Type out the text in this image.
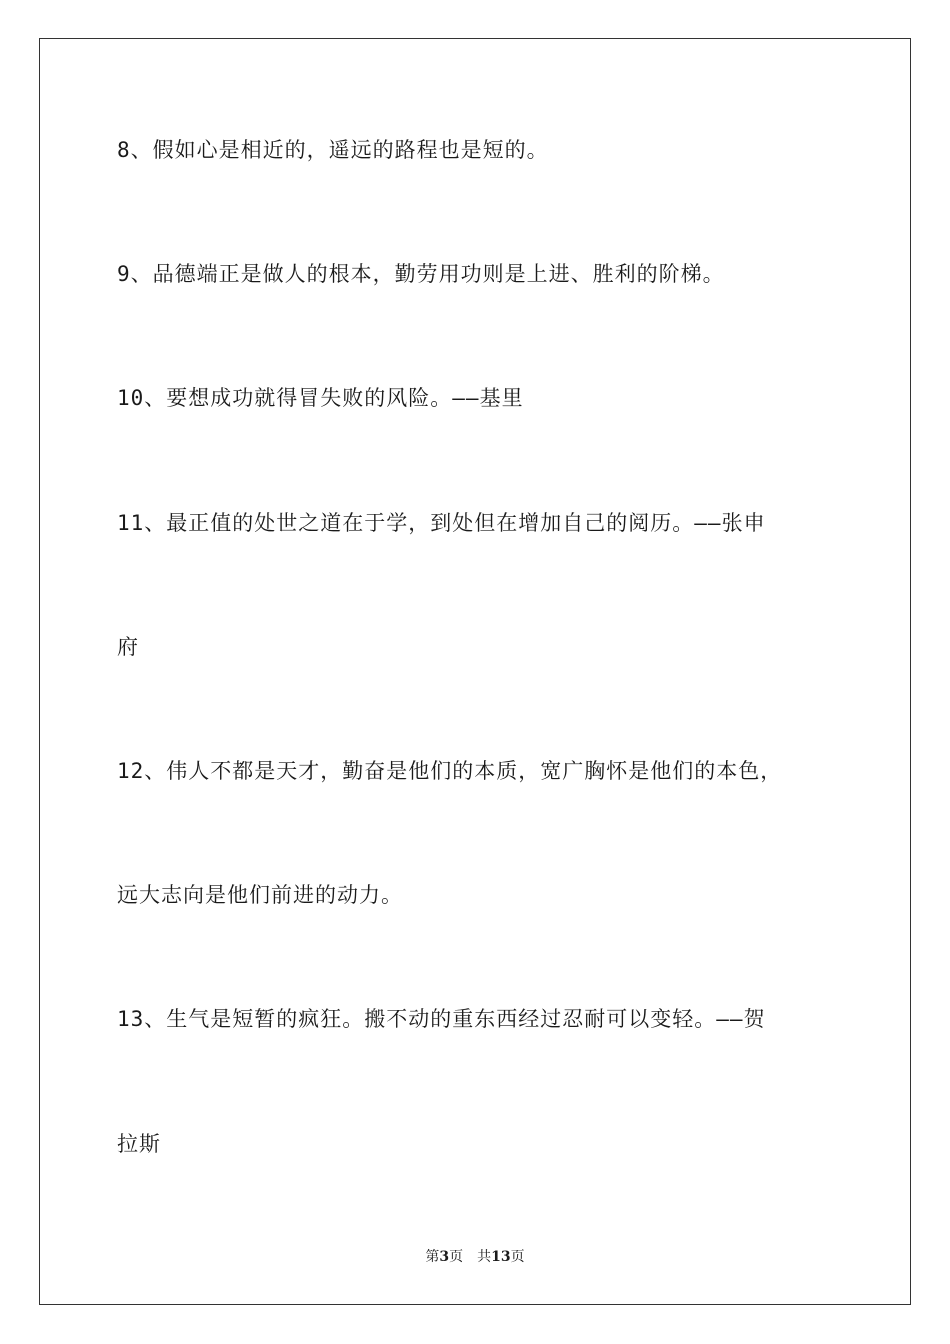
8、假如心是相近的，遥远的路程也是短的。
9、品德端正是做人的根本，勤劳用功则是上进、胜利的阶梯。
10、要想成功就得冒失败的风险。——基里
11、最正值的处世之道在于学，到处但在增加自己的阅历。——张申
府
12、伟人不都是天才，勤奋是他们的本质，宽广胸怀是他们的本色，
远大志向是他们前进的动力。
13、生气是短暂的疯狂。搬不动的重东西经过忍耐可以变轻。——贺
拉斯
第3页 共13页
